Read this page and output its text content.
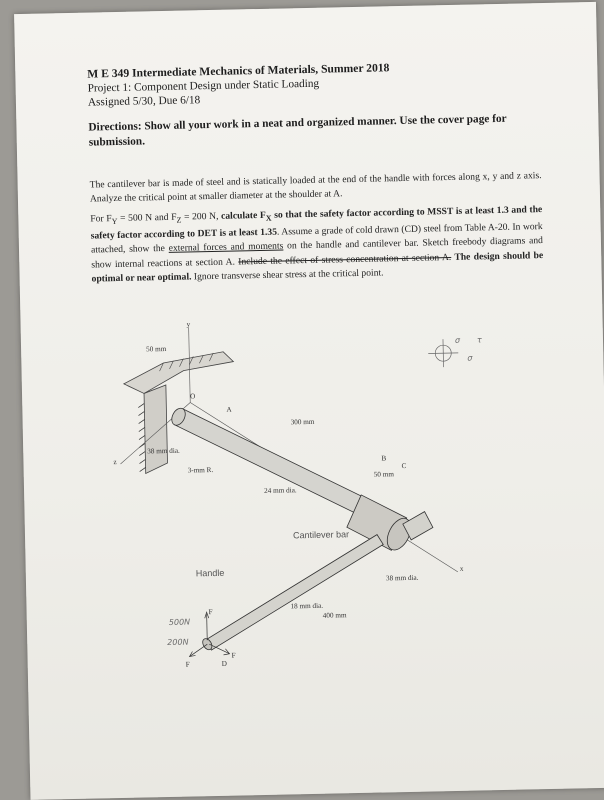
M E 349 Intermediate Mechanics of Materials, Summer 2018
Project 1: Component Design under Static Loading
Assigned 5/30, Due 6/18
Directions: Show all your work in a neat and organized manner. Use the cover page for submission.
The cantilever bar is made of steel and is statically loaded at the end of the handle with forces along x, y and z axis. Analyze the critical point at smaller diameter at the shoulder at A.
For $F_Y = 500$ N and $F_Z = 200$ N, calculate $F_X$ so that the safety factor according to MSST is at least 1.3 and the safety factor according to DET is at least 1.35. Assume a grade of cold drawn (CD) steel from Table A-20. In work attached, show the external forces and moments on the handle and cantilever bar. Sketch freebody diagrams and show internal reactions at section A. Include the effect of stress concentration at section A. The design should be optimal or near optimal. Ignore transverse shear stress at the critical point.
y
z
x
σ τ
σ
50 mm
O
A
38 mm dia.
3-mm R.
300 mm
24 mm dia.
B
50 mm
C
Cantilever bar
Handle	38 mm dia.
18 mm dia.
400 mm
D
F
F
F
500N
200N
